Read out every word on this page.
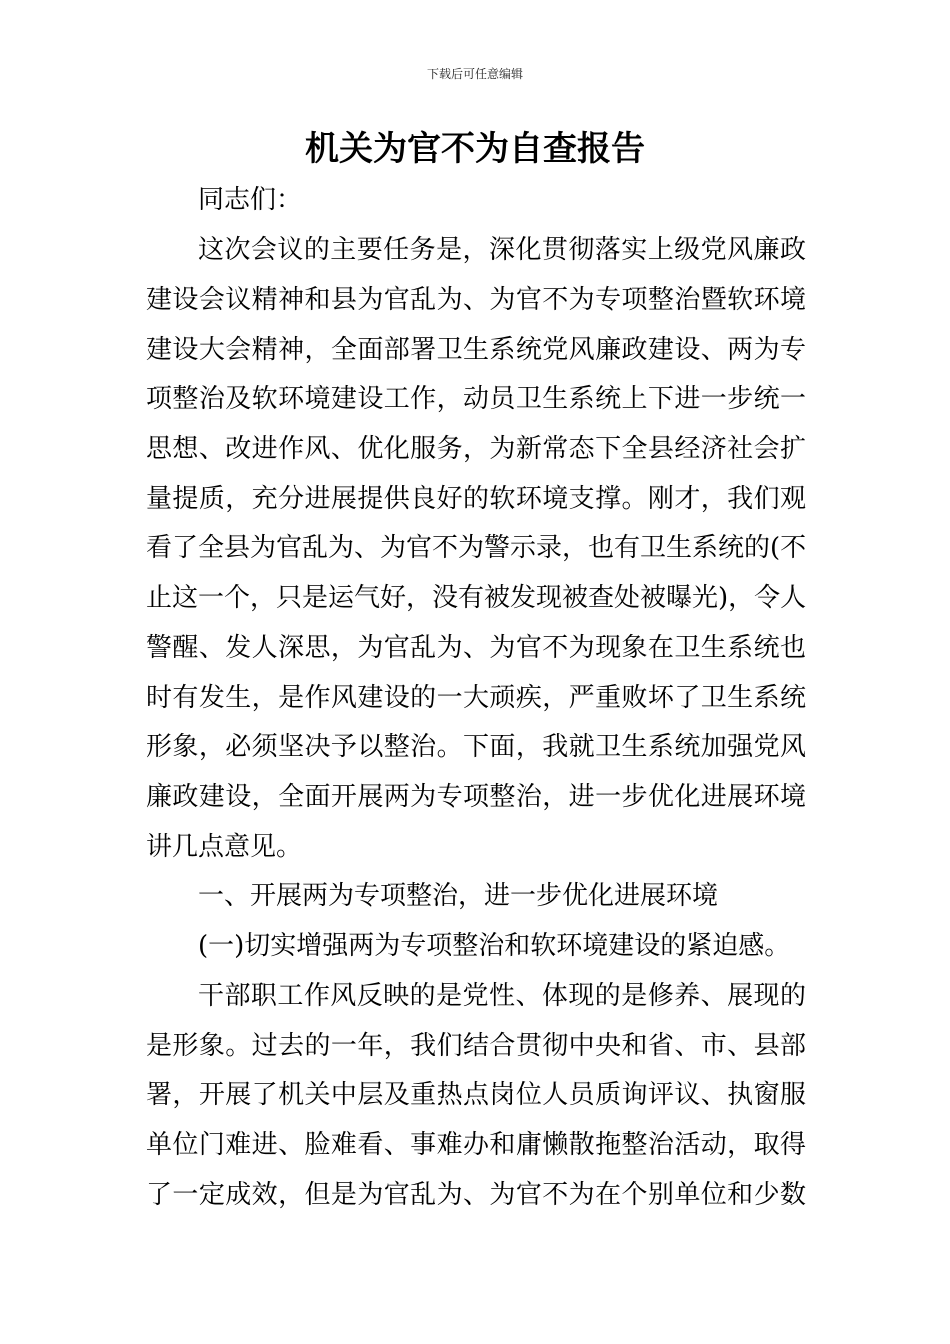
下载后可任意编辑
机关为官不为自查报告
同志们：
这次会议的主要任务是，深化贯彻落实上级党风廉政
建设会议精神和县为官乱为、为官不为专项整治暨软环境
建设大会精神，全面部署卫生系统党风廉政建设、两为专
项整治及软环境建设工作，动员卫生系统上下进一步统一
思想、改进作风、优化服务，为新常态下全县经济社会扩
量提质，充分进展提供良好的软环境支撑。刚才，我们观
看了全县为官乱为、为官不为警示录，也有卫生系统的(不
止这一个，只是运气好，没有被发现被查处被曝光)，令人
警醒、发人深思，为官乱为、为官不为现象在卫生系统也
时有发生，是作风建设的一大顽疾，严重败坏了卫生系统
形象，必须坚决予以整治。下面，我就卫生系统加强党风
廉政建设，全面开展两为专项整治，进一步优化进展环境
讲几点意见。
一、开展两为专项整治，进一步优化进展环境
(一)切实增强两为专项整治和软环境建设的紧迫感。
干部职工作风反映的是党性、体现的是修养、展现的
是形象。过去的一年，我们结合贯彻中央和省、市、县部
署，开展了机关中层及重热点岗位人员质询评议、执窗服
单位门难进、脸难看、事难办和庸懒散拖整治活动，取得
了一定成效，但是为官乱为、为官不为在个别单位和少数
